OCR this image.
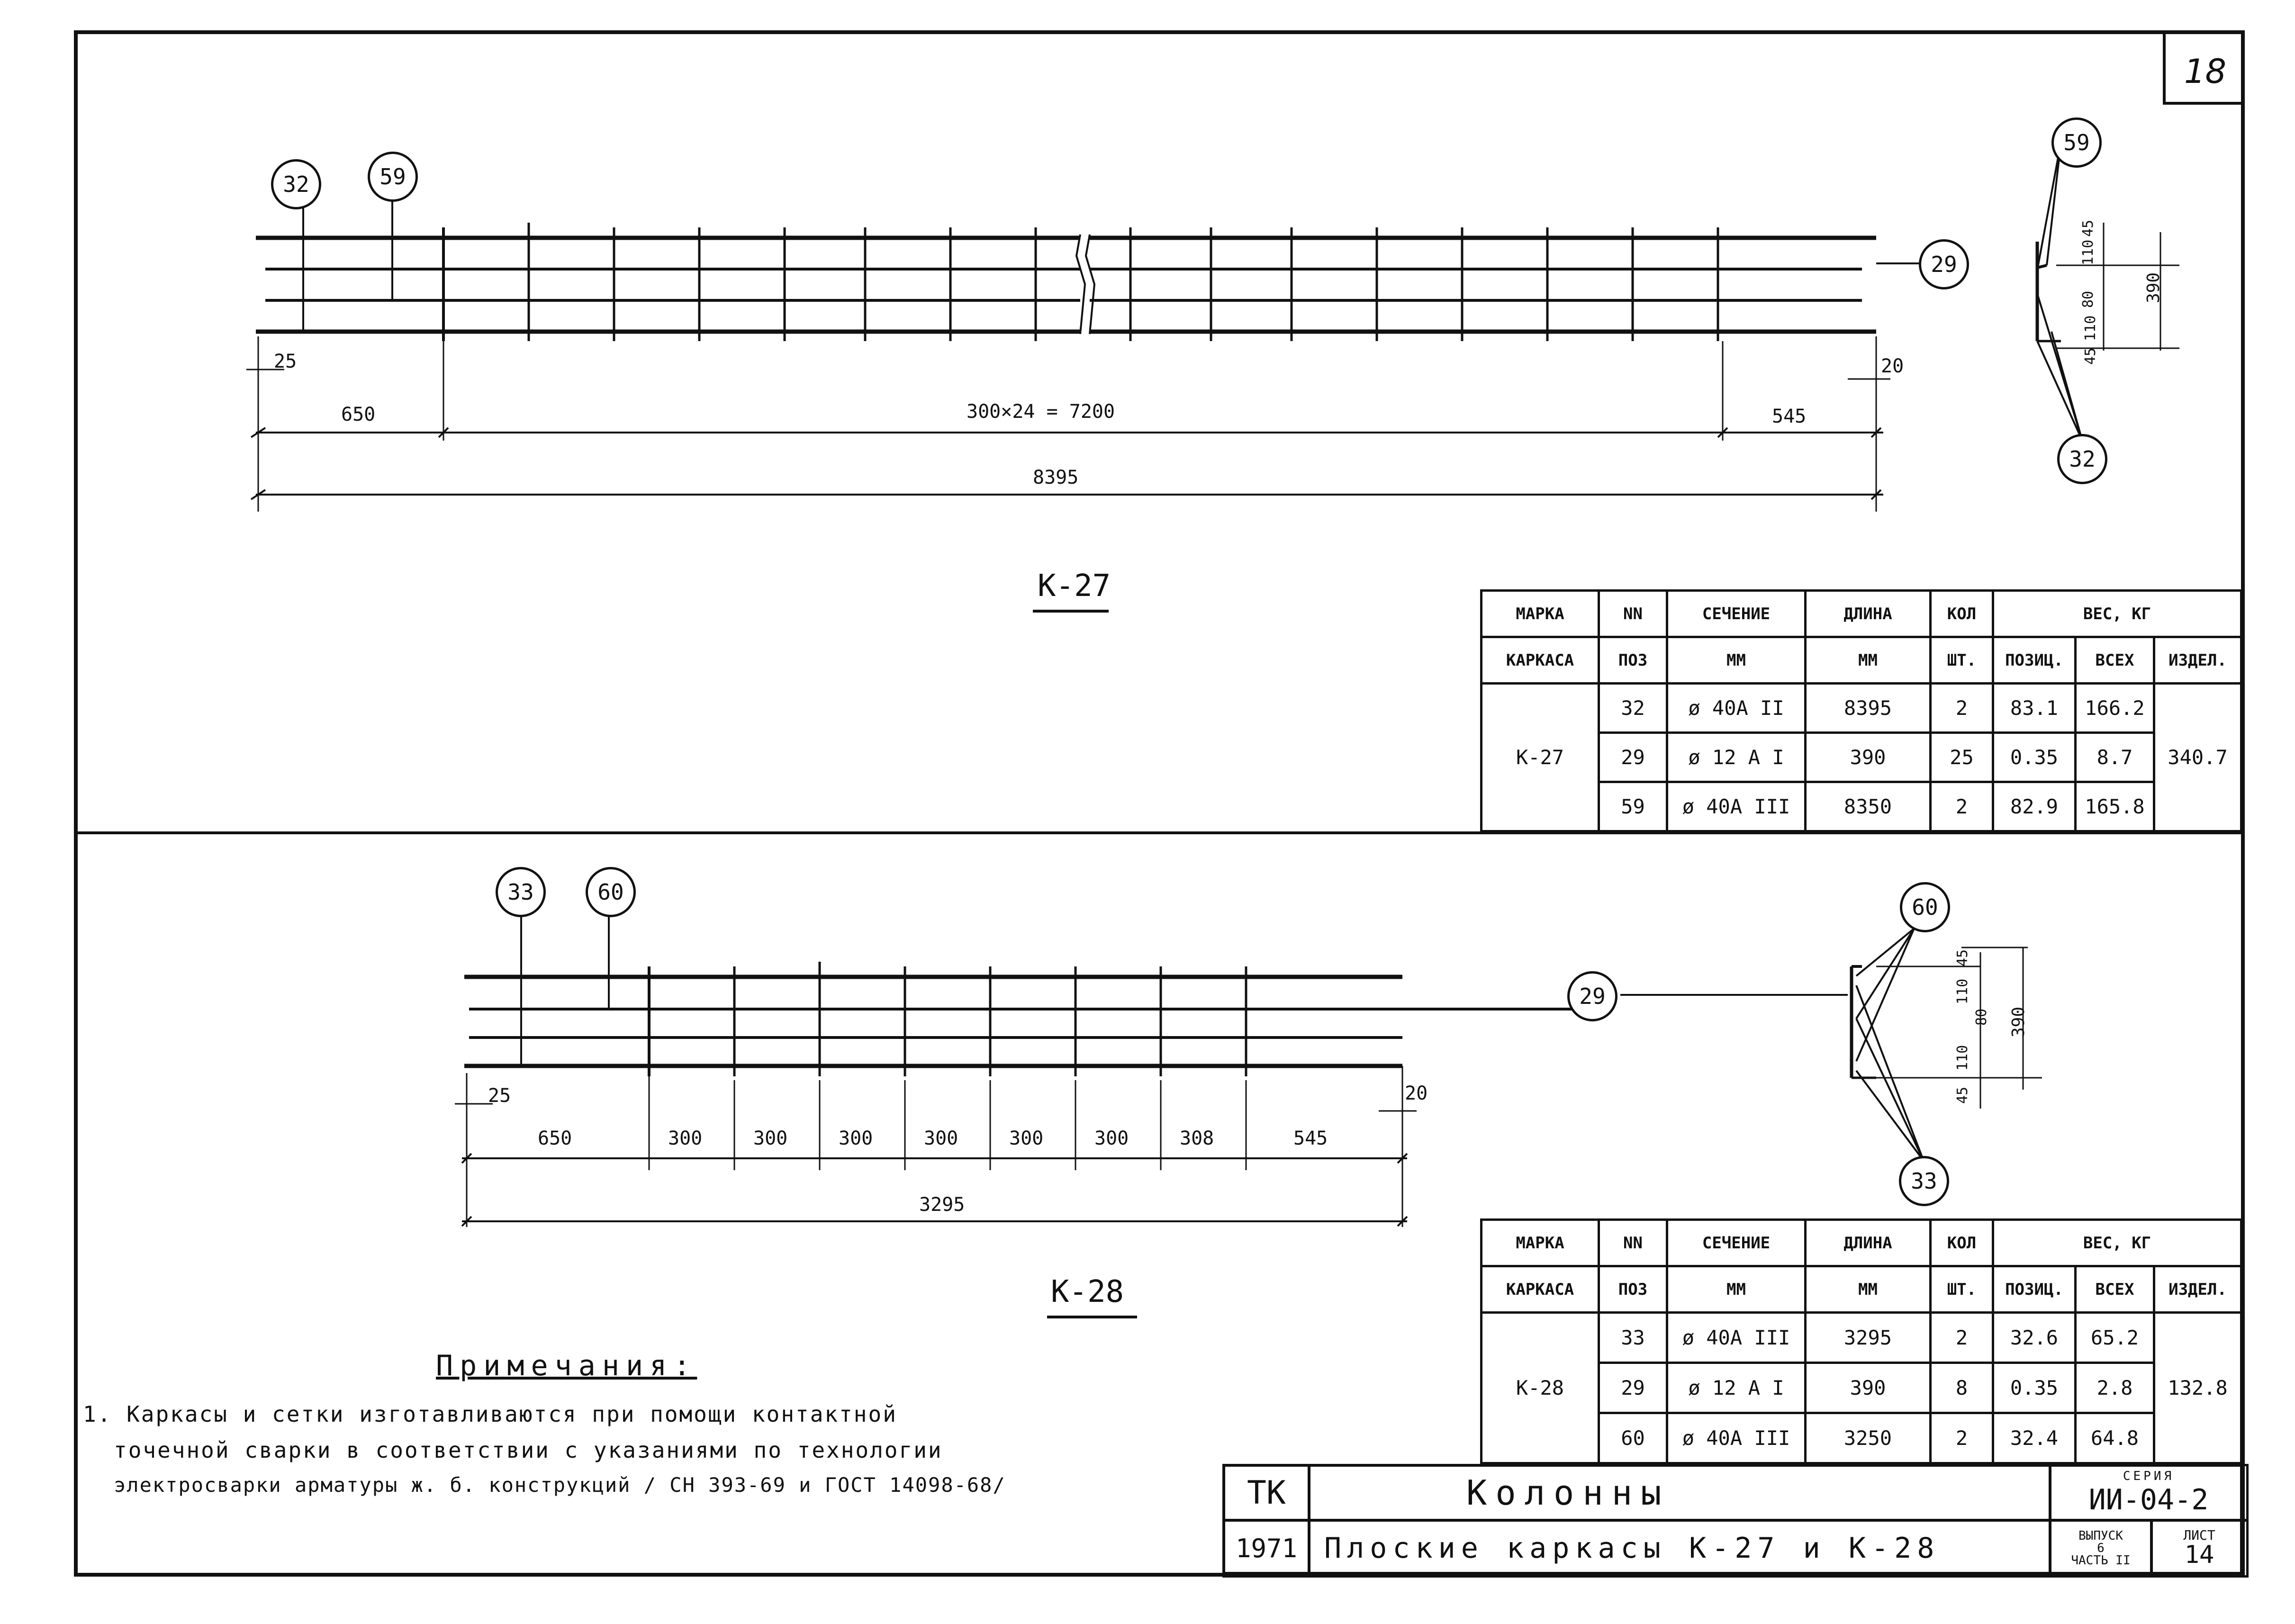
18
32	59
29
59
32
25
650	300×24 = 7200	545
20
8395
45
110
80
110
45
390
К-27
МАРКА	NN	СЕЧЕНИЕ	ДЛИНА	КОЛ	ВЕС, КГ		
КАРКАСА	ПОЗ	ММ	ММ	ШТ.	ПОЗИЦ.	ВСЕХ	ИЗДЕЛ.
К-27	32	ø 40А II	8395	2	83.1	166.2	340.7
	29	ø 12 А I	390	25	0.35	8.7	
	59	ø 40А III	8350	2	82.9	165.8	
33	60
29
60
33
25	20
650	300	300	300	300	300	300	308	545
3295
45
110
80
110
45
390
К-28
МАРКА	NN	СЕЧЕНИЕ	ДЛИНА	КОЛ	ВЕС, КГ		
КАРКАСА	ПОЗ	ММ	ММ	ШТ.	ПОЗИЦ.	ВСЕХ	ИЗДЕЛ.
К-28	33	ø 40А III	3295	2	32.6	65.2	132.8
	29	ø 12 А I	390	8	0.35	2.8	
	60	ø 40А III	3250	2	32.4	64.8	
Примечания:
1. Каркасы и сетки изготавливаются при помощи контактной
точечной сварки в соответствии с указаниями по технологии
электросварки арматуры ж. б. конструкций / СН 393-69 и ГОСТ 14098-68/	ТК
1971
Колонны
Плоские каркасы К-27 и К-28
СЕРИЯ
ИИ-04-2
ВЫПУСК
6
ЧАСТЬ II
ЛИСТ
14
